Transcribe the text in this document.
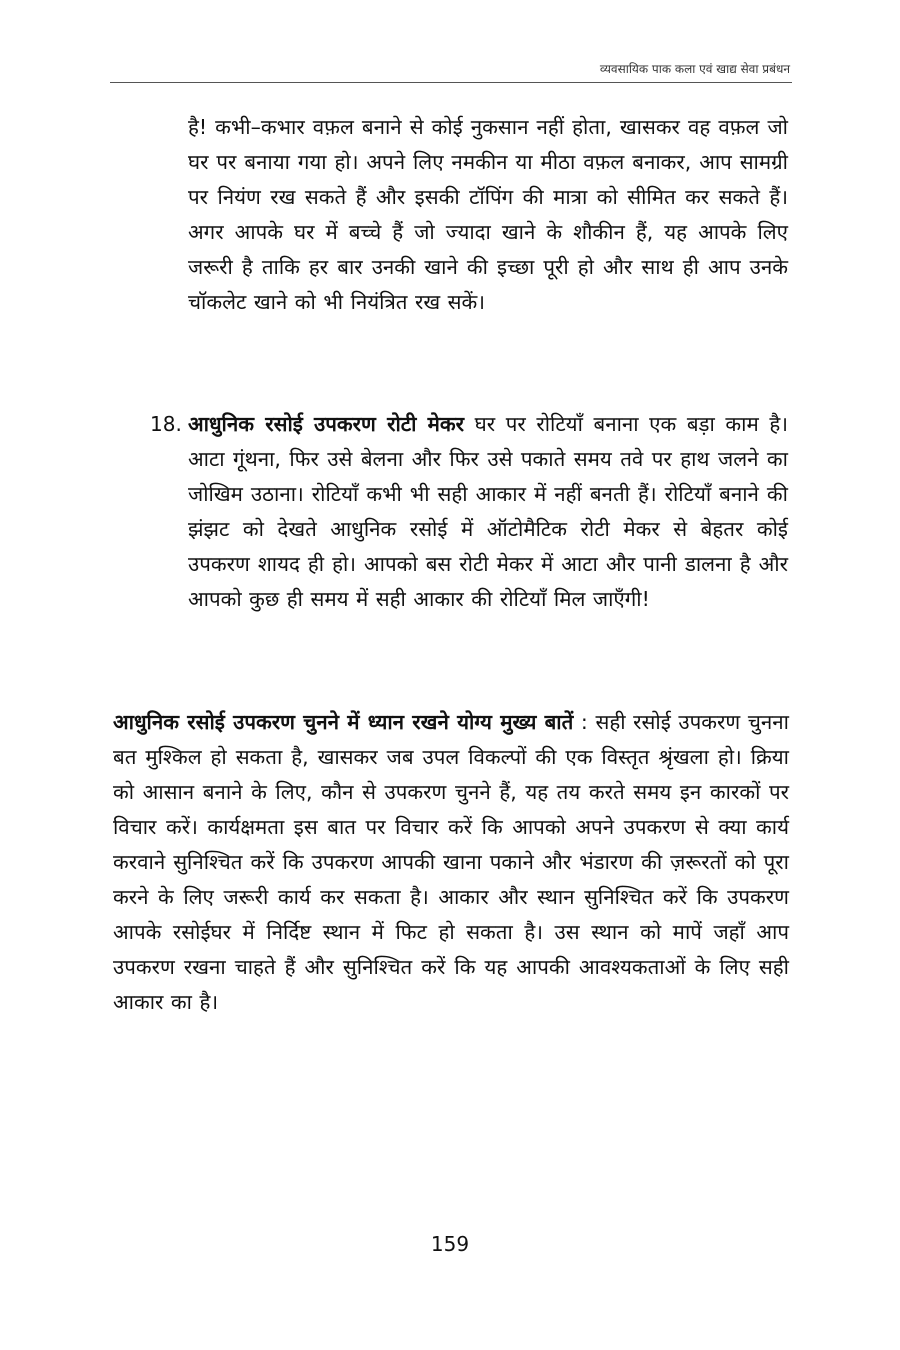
व्यवसायिक पाक कला एवं खाद्य सेवा प्रबंधन

है! कभी–कभार वफ़ल बनाने से कोई नुकसान नहीं होता, खासकर वह वफ़ल जो घर पर बनाया गया हो। अपने लिए नमकीन या मीठा वफ़ल बनाकर, आप सामग्री पर नियंण रख सकते हैं और इसकी टॉपिंग की मात्रा को सीमित कर सकते हैं। अगर आपके घर में बच्चे हैं जो ज्यादा खाने के शौकीन हैं, यह आपके लिए जरूरी है ताकि हर बार उनकी खाने की इच्छा पूरी हो और साथ ही आप उनके चॉकलेट खाने को भी नियंत्रित रख सकें।

18. आधुनिक रसोई उपकरण रोटी मेकर घर पर रोटियाँ बनाना एक बड़ा काम है। आटा गूंथना, फिर उसे बेलना और फिर उसे पकाते समय तवे पर हाथ जलने का जोखिम उठाना। रोटियाँ कभी भी सही आकार में नहीं बनती हैं। रोटियाँ बनाने की झंझट को देखते आधुनिक रसोई में ऑटोमैटिक रोटी मेकर से बेहतर कोई उपकरण शायद ही हो। आपको बस रोटी मेकर में आटा और पानी डालना है और आपको कुछ ही समय में सही आकार की रोटियाँ मिल जाएँगी!

आधुनिक रसोई उपकरण चुनने में ध्यान रखने योग्य मुख्य बातें : सही रसोई उपकरण चुनना बत मुश्किल हो सकता है, खासकर जब उपल विकल्पों की एक विस्तृत श्रृंखला हो। क्रिया को आसान बनाने के लिए, कौन से उपकरण चुनने हैं, यह तय करते समय इन कारकों पर विचार करें। कार्यक्षमता इस बात पर विचार करें कि आपको अपने उपकरण से क्या कार्य करवाने सुनिश्चित करें कि उपकरण आपकी खाना पकाने और भंडारण की ज़रूरतों को पूरा करने के लिए जरूरी कार्य कर सकता है। आकार और स्थान सुनिश्चित करें कि उपकरण आपके रसोईघर में निर्दिष्ट स्थान में फिट हो सकता है। उस स्थान को मापें जहाँ आप उपकरण रखना चाहते हैं और सुनिश्चित करें कि यह आपकी आवश्यकताओं के लिए सही आकार का है।

159
